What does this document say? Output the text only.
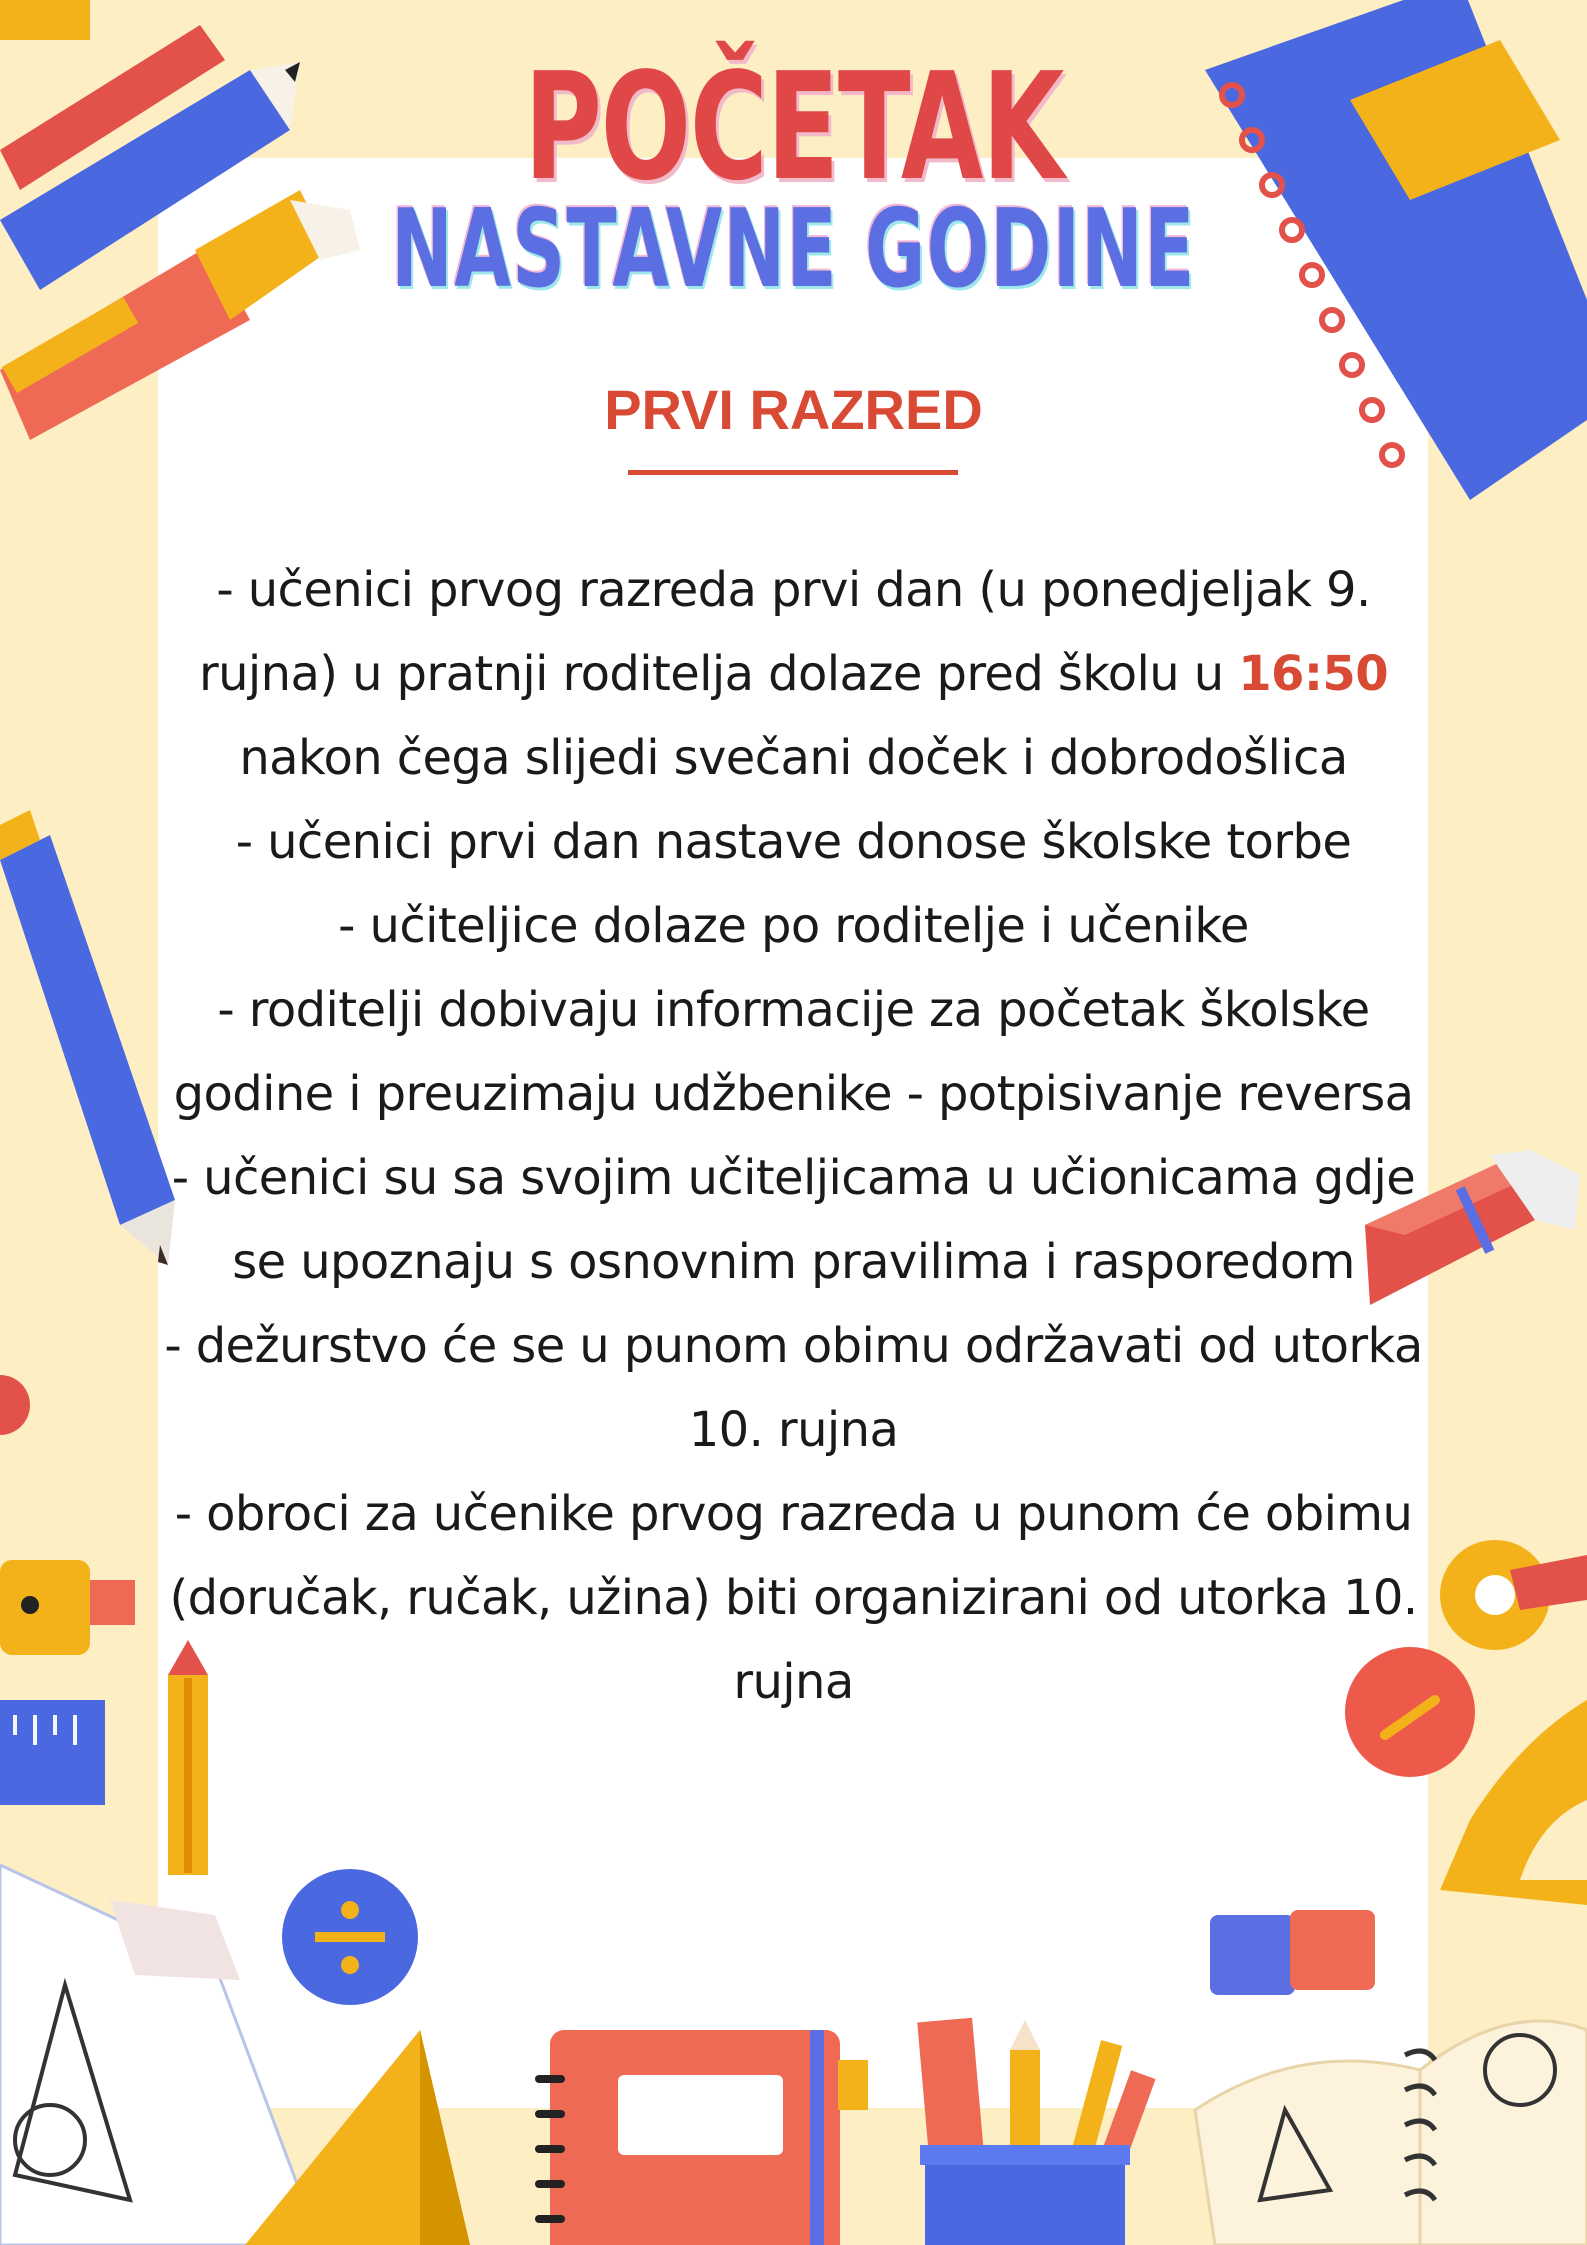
POČETAK
NASTAVNE GODINE
PRVI RAZRED

- učenici prvog razreda prvi dan (u ponedjeljak 9. rujna) u pratnji roditelja dolaze pred školu u 16:50 nakon čega slijedi svečani doček i dobrodošlica

- učenici prvi dan nastave donose školske torbe

- učiteljice dolaze po roditelje i učenike

- roditelji dobivaju informacije za početak školske godine i preuzimaju udžbenike - potpisivanje reversa

- učenici su sa svojim učiteljicama u učionicama gdje se upoznaju s osnovnim pravilima i rasporedom

- dežurstvo će se u punom obimu održavati od utorka 10. rujna

- obroci za učenike prvog razreda u punom će obimu (doručak, ručak, užina) biti organizirani od utorka 10. rujna
